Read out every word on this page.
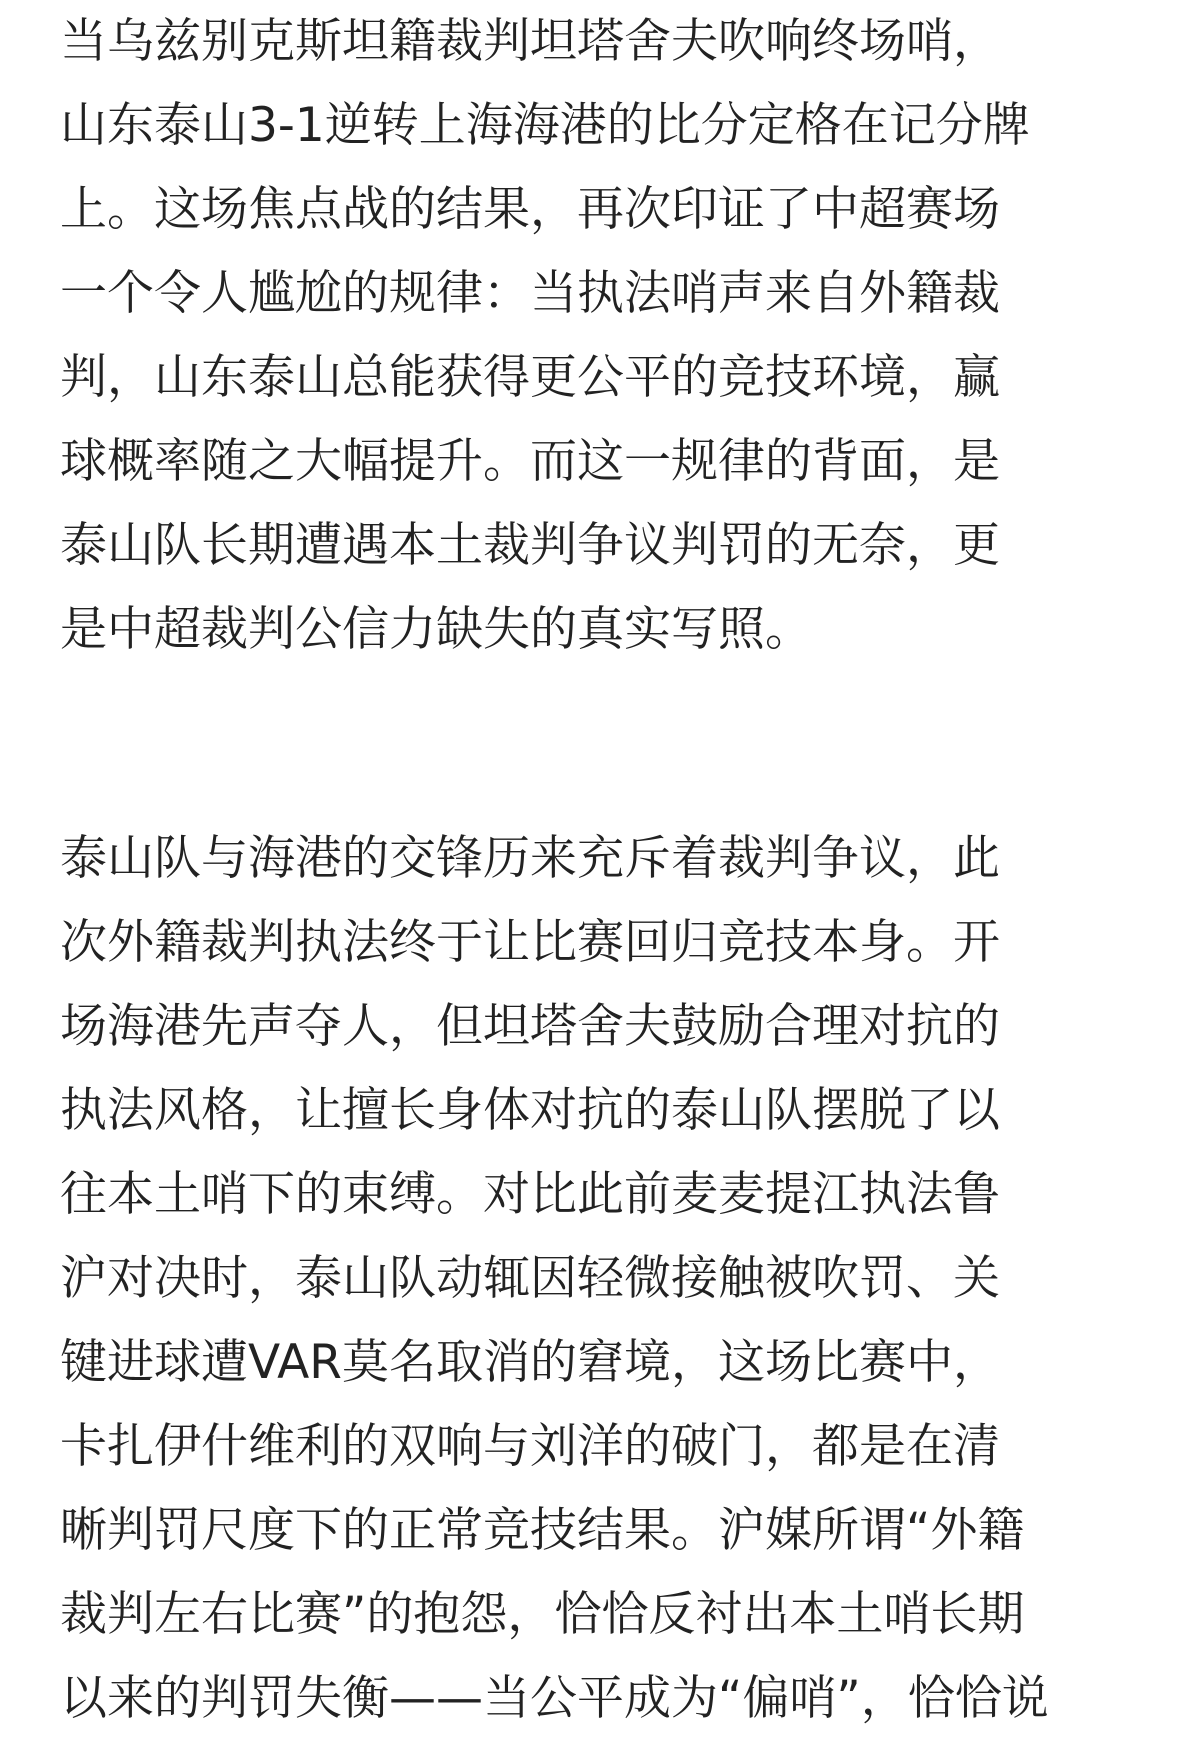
当乌兹别克斯坦籍裁判坦塔舍夫吹响终场哨，
山东泰山3-1逆转上海海港的比分定格在记分牌
上。这场焦点战的结果，再次印证了中超赛场
一个令人尴尬的规律：当执法哨声来自外籍裁
判，山东泰山总能获得更公平的竞技环境，赢
球概率随之大幅提升。而这一规律的背面，是
泰山队长期遭遇本土裁判争议判罚的无奈，更
是中超裁判公信力缺失的真实写照。
泰山队与海港的交锋历来充斥着裁判争议，此
次外籍裁判执法终于让比赛回归竞技本身。开
场海港先声夺人，但坦塔舍夫鼓励合理对抗的
执法风格，让擅长身体对抗的泰山队摆脱了以
往本土哨下的束缚。对比此前麦麦提江执法鲁
沪对决时，泰山队动辄因轻微接触被吹罚、关
键进球遭VAR莫名取消的窘境，这场比赛中，
卡扎伊什维利的双响与刘洋的破门，都是在清
晰判罚尺度下的正常竞技结果。沪媒所谓“外籍
裁判左右比赛”的抱怨，恰恰反衬出本土哨长期
以来的判罚失衡——当公平成为“偏哨”，恰恰说
